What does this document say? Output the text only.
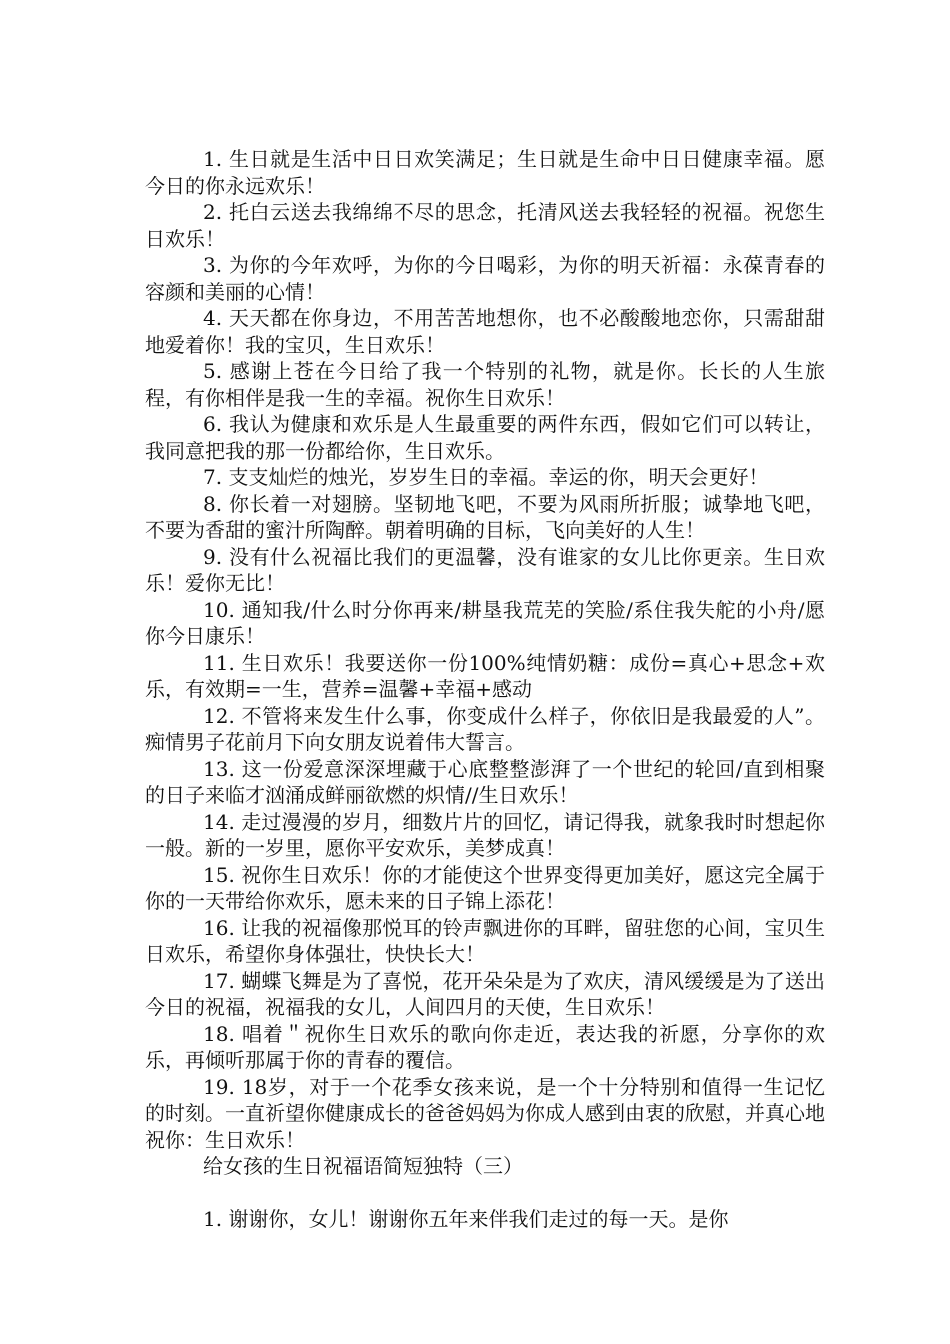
1. 生日就是生活中日日欢笑满足；生日就是生命中日日健康幸福。愿今日的你永远欢乐！

2. 托白云送去我绵绵不尽的思念，托清风送去我轻轻的祝福。祝您生日欢乐！

3. 为你的今年欢呼，为你的今日喝彩，为你的明天祈福：永葆青春的容颜和美丽的心情！

4. 天天都在你身边，不用苦苦地想你，也不必酸酸地恋你，只需甜甜地爱着你！我的宝贝，生日欢乐！

5. 感谢上苍在今日给了我一个特别的礼物，就是你。长长的人生旅程，有你相伴是我一生的幸福。祝你生日欢乐！

6. 我认为健康和欢乐是人生最重要的两件东西，假如它们可以转让，我同意把我的那一份都给你，生日欢乐。

7. 支支灿烂的烛光，岁岁生日的幸福。幸运的你，明天会更好！

8. 你长着一对翅膀。坚韧地飞吧，不要为风雨所折服；诚挚地飞吧，不要为香甜的蜜汁所陶醉。朝着明确的目标，飞向美好的人生！

9. 没有什么祝福比我们的更温馨，没有谁家的女儿比你更亲。生日欢乐！爱你无比！

10. 通知我/什么时分你再来/耕垦我荒芜的笑脸/系住我失舵的小舟/愿你今日康乐！

11. 生日欢乐！我要送你一份100%纯情奶糖：成份=真心+思念+欢乐，有效期=一生，营养=温馨+幸福+感动

12. 不管将来发生什么事，你变成什么样子，你依旧是我最爱的人”。痴情男子花前月下向女朋友说着伟大誓言。

13. 这一份爱意深深埋藏于心底整整澎湃了一个世纪的轮回/直到相聚的日子来临才汹涌成鲜丽欲燃的炽情//生日欢乐！

14. 走过漫漫的岁月，细数片片的回忆，请记得我，就象我时时想起你一般。新的一岁里，愿你平安欢乐，美梦成真！

15. 祝你生日欢乐！你的才能使这个世界变得更加美好，愿这完全属于你的一天带给你欢乐，愿未来的日子锦上添花！

16. 让我的祝福像那悦耳的铃声飘进你的耳畔，留驻您的心间，宝贝生日欢乐，希望你身体强壮，快快长大！

17. 蝴蝶飞舞是为了喜悦，花开朵朵是为了欢庆，清风缓缓是为了送出今日的祝福，祝福我的女儿，人间四月的天使，生日欢乐！

18. 唱着＂祝你生日欢乐的歌向你走近，表达我的祈愿，分享你的欢乐，再倾听那属于你的青春的覆信。

19. 18岁，对于一个花季女孩来说，是一个十分特别和值得一生记忆的时刻。一直祈望你健康成长的爸爸妈妈为你成人感到由衷的欣慰，并真心地祝你：生日欢乐！

给女孩的生日祝福语简短独特（三）

1. 谢谢你，女儿！谢谢你五年来伴我们走过的每一天。是你
